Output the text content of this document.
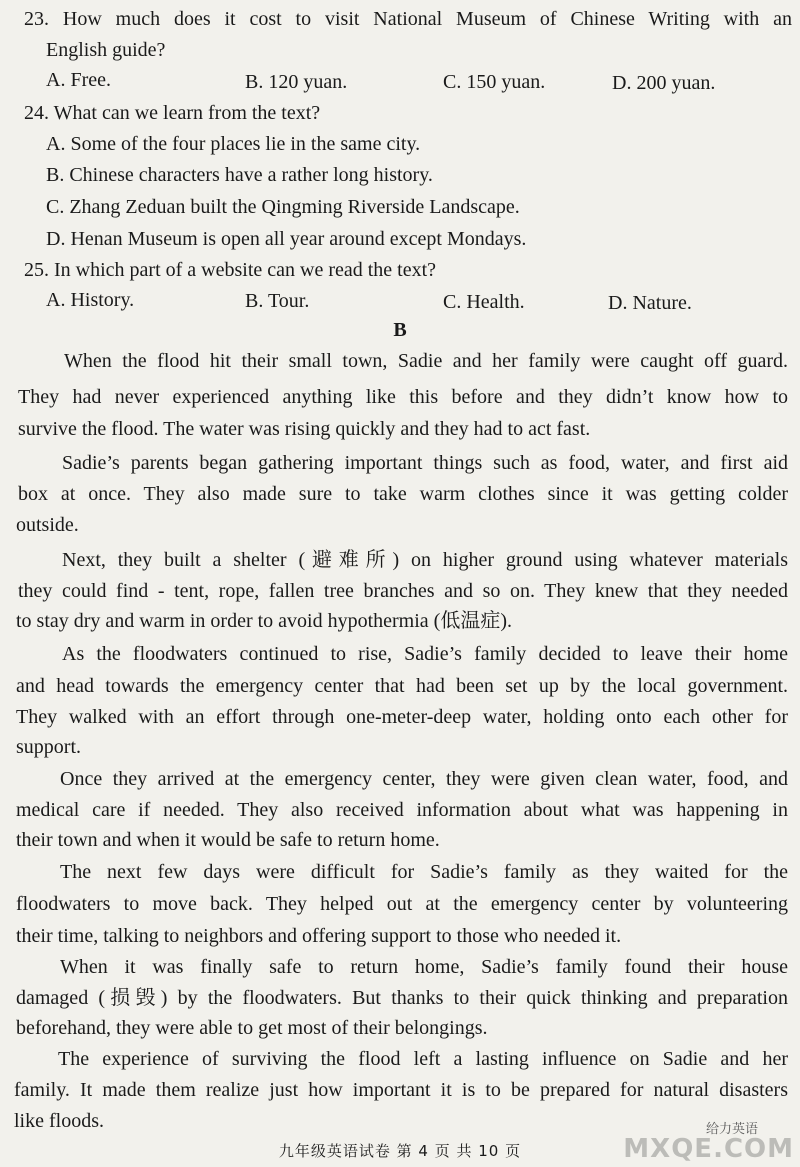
23. How much does it cost to visit National Museum of Chinese Writing with an
English guide?
A. Free.	B. 120 yuan.	C. 150 yuan.	D. 200 yuan.
24. What can we learn from the text?
A. Some of the four places lie in the same city.
B. Chinese characters have a rather long history.
C. Zhang Zeduan built the Qingming Riverside Landscape.
D. Henan Museum is open all year around except Mondays.
25. In which part of a website can we read the text?
A. History.	B. Tour.	C. Health.	D. Nature.
B
When the flood hit their small town, Sadie and her family were caught off guard.
They had never experienced anything like this before and they didn’t know how to
survive the flood. The water was rising quickly and they had to act fast.
Sadie’s parents began gathering important things such as food, water, and first aid
box at once. They also made sure to take warm clothes since it was getting colder
outside.
Next, they built a shelter (避难所) on higher ground using whatever materials
they could find - tent, rope, fallen tree branches and so on. They knew that they needed
to stay dry and warm in order to avoid hypothermia (低温症).
As the floodwaters continued to rise, Sadie’s family decided to leave their home
and head towards the emergency center that had been set up by the local government.
They walked with an effort through one-meter-deep water, holding onto each other for
support.
Once they arrived at the emergency center, they were given clean water, food, and
medical care if needed. They also received information about what was happening in
their town and when it would be safe to return home.
The next few days were difficult for Sadie’s family as they waited for the
floodwaters to move back. They helped out at the emergency center by volunteering
their time, talking to neighbors and offering support to those who needed it.
When it was finally safe to return home, Sadie’s family found their house
damaged (损毁) by the floodwaters. But thanks to their quick thinking and preparation
beforehand, they were able to get most of their belongings.
The experience of surviving the flood left a lasting influence on Sadie and her
family. It made them realize just how important it is to be prepared for natural disasters
like floods.
九年级英语试卷 第 4 页 共 10 页
给力英语
MXQE.COM
